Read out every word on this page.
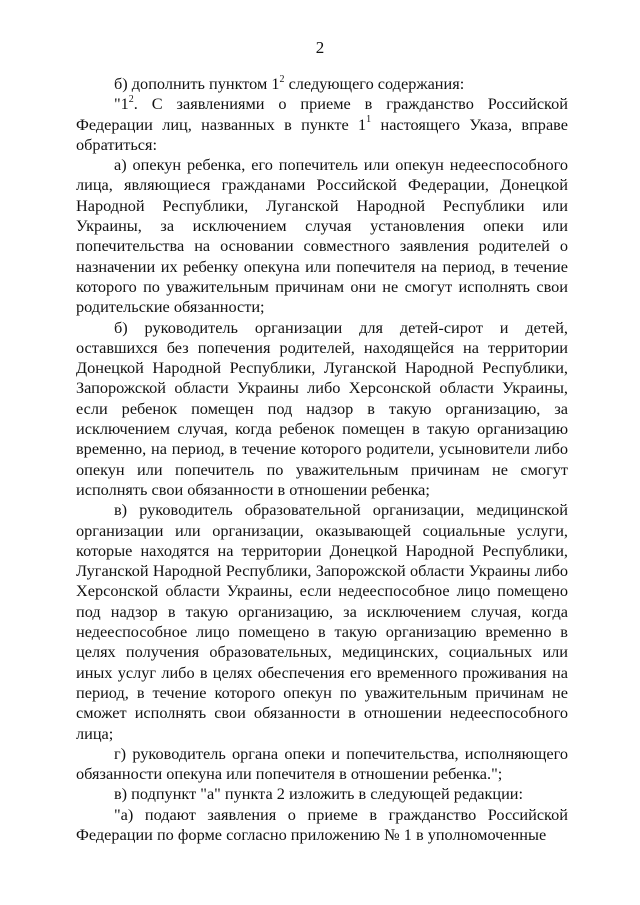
2

б) дополнить пунктом $1^2$ следующего содержания:

"$1^2$. С заявлениями о приеме в гражданство Российской Федерации лиц, названных в пункте $1^1$ настоящего Указа, вправе обратиться:

а) опекун ребенка, его попечитель или опекун недееспособного лица, являющиеся гражданами Российской Федерации, Донецкой Народной Республики, Луганской Народной Республики или Украины, за исключением случая установления опеки или попечительства на основании совместного заявления родителей о назначении их ребенку опекуна или попечителя на период, в течение которого по уважительным причинам они не смогут исполнять свои родительские обязанности;

б) руководитель организации для детей-сирот и детей, оставшихся без попечения родителей, находящейся на территории Донецкой Народной Республики, Луганской Народной Республики, Запорожской области Украины либо Херсонской области Украины, если ребенок помещен под надзор в такую организацию, за исключением случая, когда ребенок помещен в такую организацию временно, на период, в течение которого родители, усыновители либо опекун или попечитель по уважительным причинам не смогут исполнять свои обязанности в отношении ребенка;

в) руководитель образовательной организации, медицинской организации или организации, оказывающей социальные услуги, которые находятся на территории Донецкой Народной Республики, Луганской Народной Республики, Запорожской области Украины либо Херсонской области Украины, если недееспособное лицо помещено под надзор в такую организацию, за исключением случая, когда недееспособное лицо помещено в такую организацию временно в целях получения образовательных, медицинских, социальных или иных услуг либо в целях обеспечения его временного проживания на период, в течение которого опекун по уважительным причинам не сможет исполнять свои обязанности в отношении недееспособного лица;

г) руководитель органа опеки и попечительства, исполняющего обязанности опекуна или попечителя в отношении ребенка.";

в) подпункт "а" пункта 2 изложить в следующей редакции:

"а) подают заявления о приеме в гражданство Российской Федерации по форме согласно приложению № 1 в уполномоченные
